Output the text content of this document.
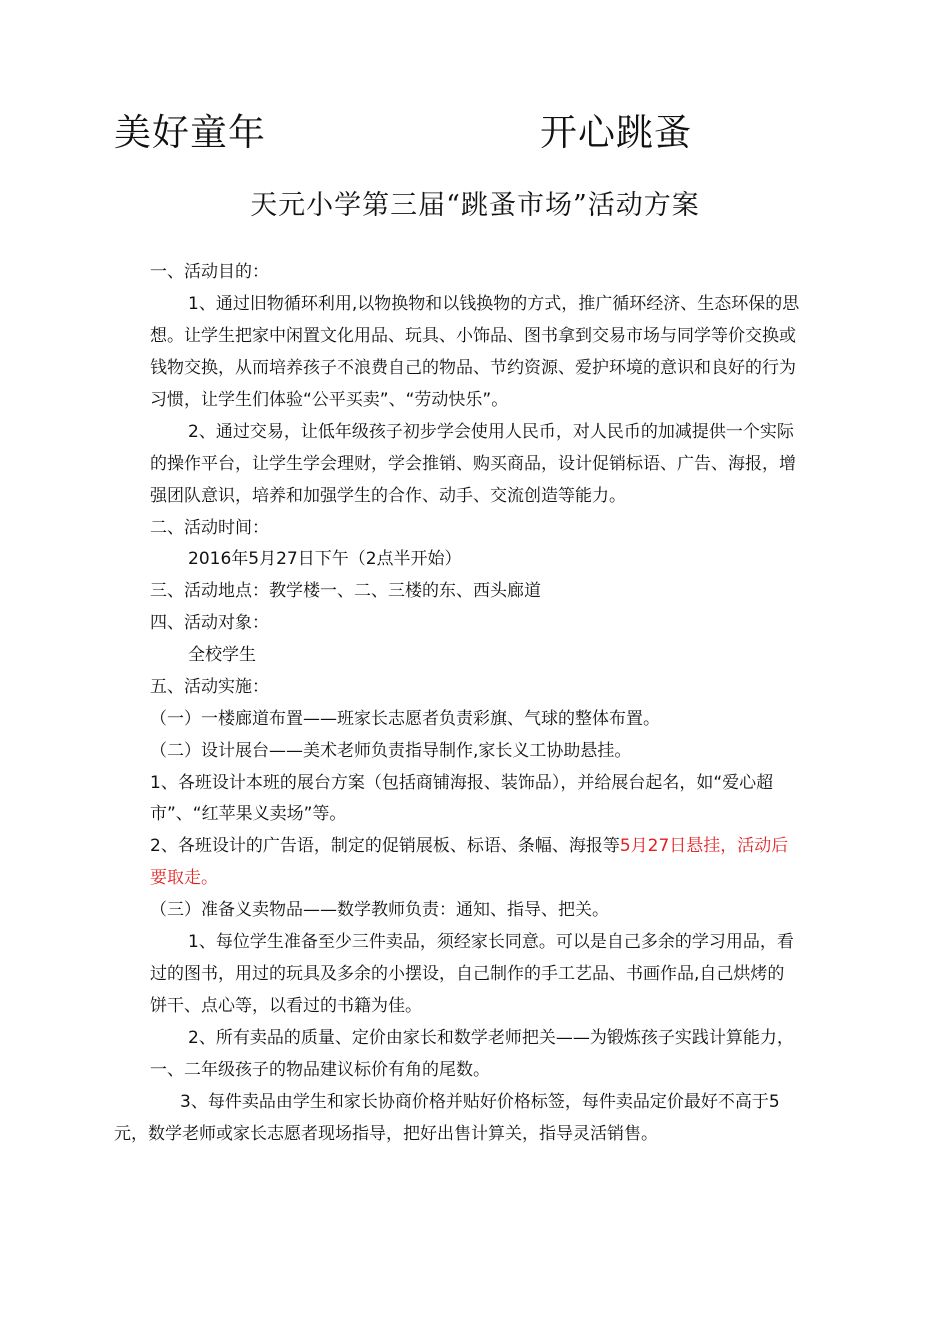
美好童年	开心跳蚤
天元小学第三届“跳蚤市场”活动方案
一、活动目的：
1、通过旧物循环利用,以物换物和以钱换物的方式，推广循环经济、生态环保的思
想。让学生把家中闲置文化用品、玩具、小饰品、图书拿到交易市场与同学等价交换或
钱物交换，从而培养孩子不浪费自己的物品、节约资源、爱护环境的意识和良好的行为
习惯，让学生们体验“公平买卖”、“劳动快乐”。
2、通过交易，让低年级孩子初步学会使用人民币，对人民币的加减提供一个实际
的操作平台，让学生学会理财，学会推销、购买商品，设计促销标语、广告、海报，增
强团队意识，培养和加强学生的合作、动手、交流创造等能力。
二、活动时间：
2016年5月27日下午（2点半开始）
三、活动地点：教学楼一、二、三楼的东、西头廊道
四、活动对象：
全校学生
五、活动实施：
（一）一楼廊道布置——班家长志愿者负责彩旗、气球的整体布置。
（二）设计展台——美术老师负责指导制作,家长义工协助悬挂。
1、各班设计本班的展台方案（包括商铺海报、装饰品），并给展台起名，如“爱心超
市”、“红苹果义卖场”等。
2、各班设计的广告语，制定的促销展板、标语、条幅、海报等5月27日悬挂，活动后
要取走。
（三）准备义卖物品——数学教师负责：通知、指导、把关。
1、每位学生准备至少三件卖品，须经家长同意。可以是自己多余的学习用品，看
过的图书，用过的玩具及多余的小摆设，自己制作的手工艺品、书画作品,自己烘烤的
饼干、点心等，以看过的书籍为佳。
2、所有卖品的质量、定价由家长和数学老师把关——为锻炼孩子实践计算能力，
一、二年级孩子的物品建议标价有角的尾数。
3、每件卖品由学生和家长协商价格并贴好价格标签，每件卖品定价最好不高于5
元，数学老师或家长志愿者现场指导，把好出售计算关，指导灵活销售。
